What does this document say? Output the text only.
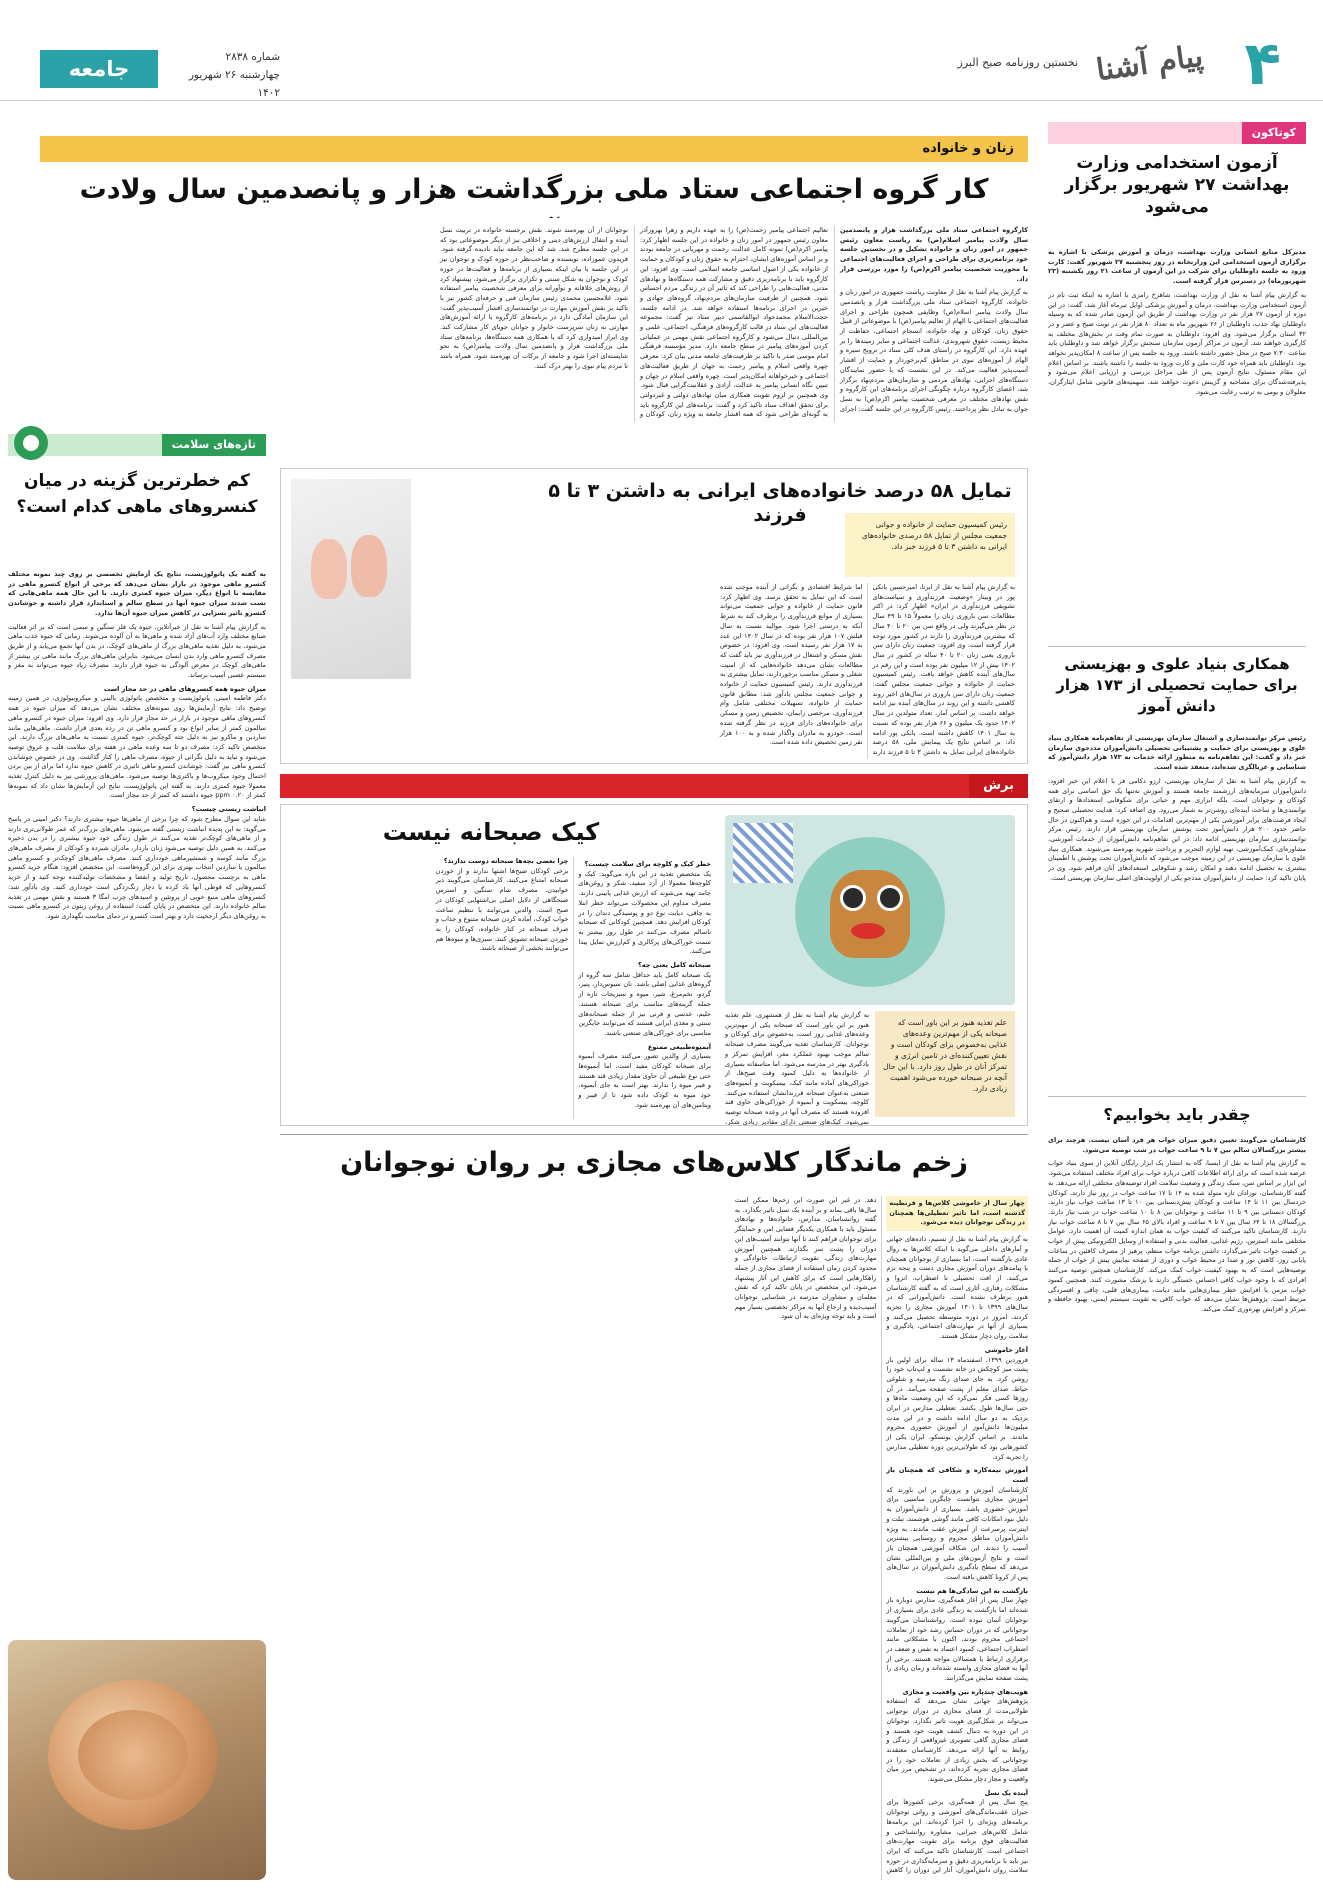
۴
پیام آشنا
نخستین روزنامه صبح البرز
شماره ۲۸۳۸
چهارشنبه ۲۶ شهریور ۱۴۰۲
جامعه
کوتاکون
آزمون استخدامی وزارت بهداشت ۲۷ شهریور برگزار می‌شود

مدیرکل منابع انسانی وزارت بهداشت، درمان و آموزش پزشکی با اشاره به برگزاری آزمون استخدامی این وزارتخانه در روز پنجشنبه ۲۷ شهریور گفت: کارت ورود به جلسه داوطلبان برای شرکت در این آزمون از ساعت ۲۱ روز یکشنبه (۲۳ شهریورماه) در دسترس قرار گرفته است.

به گزارش پیام آشنا به نقل از وزارت بهداشت، شاهرخ رامزی با اشاره به اینکه ثبت نام در آزمون استخدامی وزارت بهداشت، درمان و آموزش پزشکی اوایل تیرماه آغاز شد، گفت: در این دوره از آزمون ۲۷ هزار نفر در وزارت بهداشت از طریق این آزمون صادر شده که به وسیله داوطلبان نهاد جذب، داوطلبان از ۲۶ شهریور ماه به تعداد ۸۰ هزار نفر در نوبت صبح و عصر و در ۳۲ استان برگزار می‌شود. وی افزود: داوطلبان به صورت تمام وقت در بخش‌های مختلف به کارگیری خواهند شد. آزمون در مراکز آزمون سازمان سنجش برگزار خواهد شد و داوطلبان باید ساعت ۷:۳۰ صبح در محل حضور داشته باشند. ورود به جلسه پس از ساعت ۸ امکان‌پذیر نخواهد بود. داوطلبان باید همراه خود کارت ملی و کارت ورود به جلسه را داشته باشند. بر اساس اعلام این مقام مسئول، نتایج آزمون پس از طی مراحل بررسی و ارزیابی اعلام می‌شود و پذیرفته‌شدگان برای مصاحبه و گزینش دعوت خواهند شد. سهمیه‌های قانونی شامل ایثارگران، معلولان و بومی به ترتیب رعایت می‌شود.

همکاری بنیاد علوی و بهزیستی برای حمایت تحصیلی از ۱۷۳ هزار دانش آموز

رئیس مرکز توانمندسازی و اشتغال سازمان بهزیستی از تفاهم‌نامه همکاری بنیاد علوی و بهزیستی برای حمایت و پشتیبانی تحصیلی دانش‌آموزان مددجوی سازمان خبر داد و گفت: این تفاهم‌نامه به منظور ارائه خدمات به ۱۷۳ هزار دانش‌آموز که شناسایی و غربالگری شده‌اند، منعقد شده است.

به گزارش پیام آشنا به نقل از سازمان بهزیستی، ارزو دکامی فر با اعلام این خبر افزود: دانش‌آموزان سرمایه‌های ارزشمند جامعه هستند و آموزش نه‌تنها یک حق اساسی برای همه کودکان و نوجوانان است، بلکه ابزاری مهم و حیاتی برای شکوفایی استعدادها و ارتقای توانمندی‌ها و ساخت آینده‌ای روشن‌تر به شمار می‌رود. وی اضافه کرد: هدایت تحصیلی صحیح و ایجاد فرصت‌های برابر آموزشی یکی از مهم‌ترین اقدامات در این حوزه است و هم‌اکنون در حال حاضر حدود ۲۰۰ هزار دانش‌آموز تحت پوشش سازمان بهزیستی قرار دارند. رئیس مرکز توانمندسازی سازمان بهزیستی ادامه داد: در این تفاهم‌نامه دانش‌آموزان از خدمات آموزشی، مشاوره‌ای، کمک‌آموزشی، تهیه لوازم التحریر و پرداخت شهریه بهره‌مند می‌شوند. همکاری بنیاد علوی با سازمان بهزیستی در این زمینه موجب می‌شود که دانش‌آموزان تحت پوشش با اطمینان بیشتری به تحصیل ادامه دهند و امکان رشد و شکوفایی استعدادهای آنان فراهم شود. وی در پایان تاکید کرد: حمایت از دانش‌آموزان مددجو یکی از اولویت‌های اصلی سازمان بهزیستی است.

چقدر باید بخوابیم؟

کارشناسان می‌گویند تعیین دقیق میزان خواب هر فرد آسان نیست. هرچند برای بیشتر بزرگسالان سالم بین ۷ تا ۹ ساعت خواب در شب توصیه می‌شود.

به گزارش پیام آشنا به نقل از ایسنا، گاه به انتشار یک ابزار رایگان آنلاین از سوی بنیاد خواب عرضه شده است که برای ارائه اطلاعات کافی درباره خواب برای افراد مختلف استفاده می‌شود. این ابزار بر اساس سن، سبک زندگی و وضعیت سلامت افراد توصیه‌های مختلفی ارائه می‌دهد. به گفته کارشناسان، نوزادان تازه متولد شده به ۱۴ تا ۱۷ ساعت خواب در روز نیاز دارند، کودکان خردسال بین ۱۱ تا ۱۴ ساعت و کودکان پیش‌دبستانی بین ۱۰ تا ۱۳ ساعت خواب نیاز دارند. کودکان دبستانی بین ۹ تا ۱۱ ساعت و نوجوانان بین ۸ تا ۱۰ ساعت خواب در شب نیاز دارند. بزرگسالان ۱۸ تا ۶۴ سال بین ۷ تا ۹ ساعت و افراد بالای ۶۵ سال بین ۷ تا ۸ ساعت خواب نیاز دارند. کارشناسان تاکید می‌کنند که کیفیت خواب به همان اندازه کمیت آن اهمیت دارد. عوامل مختلفی مانند استرس، رژیم غذایی، فعالیت بدنی و استفاده از وسایل الکترونیکی پیش از خواب بر کیفیت خواب تاثیر می‌گذارد. داشتن برنامه خواب منظم، پرهیز از مصرف کافئین در ساعات پایانی روز، کاهش نور و صدا در محیط خواب و دوری از صفحه نمایش پیش از خواب از جمله توصیه‌هایی است که به بهبود کیفیت خواب کمک می‌کند. کارشناسان همچنین توصیه می‌کنند افرادی که با وجود خواب کافی احساس خستگی دارند با پزشک مشورت کنند. همچنین کمبود خواب مزمن با افزایش خطر بیماری‌هایی مانند دیابت، بیماری‌های قلبی، چاقی و افسردگی مرتبط است. پژوهش‌ها نشان می‌دهد که خواب کافی به تقویت سیستم ایمنی، بهبود حافظه و تمرکز و افزایش بهره‌وری کمک می‌کند.

زنان و خانواده
کار گروه اجتماعی ستاد ملی بزرگداشت هزار و پانصدمین سال ولادت

کارگروه اجتماعی ستاد ملی بزرگداشت هزار و پانصدمین سال ولادت پیامبر اسلام(ص) به ریاست معاون رئیس جمهور در امور زنان و خانواده تشکیل و در نخستین جلسه خود برنامه‌ریزی برای طراحی و اجرای فعالیت‌های اجتماعی با محوریت شخصیت پیامبر اکرم(ص) را مورد بررسی قرار داد.

به گزارش پیام آشنا به نقل از معاونت ریاست جمهوری در امور زنان و خانواده، کارگروه اجتماعی ستاد ملی بزرگداشت هزار و پانصدمین سال ولادت پیامبر اسلام(ص) وظایفی همچون طراحی و اجرای فعالیت‌های اجتماعی با الهام از تعالیم پیامبر(ص) با موضوعاتی از قبیل حقوق زنان، کودکان و نهاد خانواده، انسجام اجتماعی، حفاظت از محیط زیست، حقوق شهروندی، عدالت اجتماعی و سایر زمینه‌ها را بر عهده دارد. این کارگروه در راستای هدف کلی ستاد در ترویج سیره و الهام از آموزه‌های نبوی در مناطق کم‌برخوردار و حمایت از اقشار آسیب‌پذیر فعالیت می‌کند. در این نشست که با حضور نمایندگان دستگاه‌های اجرایی، نهادهای مردمی و سازمان‌های مردم‌نهاد برگزار شد، اعضای کارگروه درباره چگونگی اجرای برنامه‌های این کارگروه و نقش نهادهای مختلف در معرفی شخصیت پیامبر اکرم(ص) به نسل جوان به تبادل نظر پرداختند. رئیس کارگروه در این جلسه گفت: اجرای تعالیم اجتماعی پیامبر رحمت(ص) را به عهده داریم و زهرا بهروزآذر معاون رئیس جمهور در امور زنان و خانواده در این جلسه اظهار کرد: پیامبر اکرم(ص) نمونه کامل عدالت، رحمت و مهربانی در جامعه بودند و بر اساس آموزه‌های ایشان، احترام به حقوق زنان و کودکان و حمایت از خانواده یکی از اصول اساسی جامعه اسلامی است. وی افزود: این کارگروه باید با برنامه‌ریزی دقیق و مشارکت همه دستگاه‌ها و نهادهای مدنی، فعالیت‌هایی را طراحی کند که تاثیر آن در زندگی مردم احساس شود. همچنین از ظرفیت سازمان‌های مردم‌نهاد، گروه‌های جهادی و خیرین در اجرای برنامه‌ها استفاده خواهد شد. در ادامه جلسه، حجت‌الاسلام محمدجواد ابوالقاسمی دبیر ستاد نیز گفت: مجموعه فعالیت‌های این ستاد در قالب کارگروه‌های فرهنگی، اجتماعی، علمی و بین‌المللی دنبال می‌شود و کارگروه اجتماعی نقش مهمی در عملیاتی کردن آموزه‌های پیامبر در سطح جامعه دارد. مدیر مؤسسه فرهنگی امام موسی صدر با تاکید بر ظرفیت‌های جامعه مدنی بیان کرد: معرفی چهره واقعی اسلام و پیامبر رحمت به جهان از طریق فعالیت‌های اجتماعی و خیرخواهانه امکان‌پذیر است. چهره واقعی اسلام در جهان و تبیین نگاه انسانی پیامبر به عدالت، آزادی و عقلانیت‌گرایی قبال شود. وی همچنین بر لزوم تقویت همکاری میان نهادهای دولتی و غیردولتی برای تحقق اهداف ستاد تاکید کرد و گفت: برنامه‌های این کارگروه باید به گونه‌ای طراحی شود که همه اقشار جامعه به ویژه زنان، کودکان و نوجوانان از آن بهره‌مند شوند. نقش برجسته خانواده در تربیت نسل آینده و انتقال ارزش‌های دینی و اخلاقی نیز از دیگر موضوعاتی بود که در این جلسه مطرح شد. شد که این جامعه نباید نادیده گرفته شود. فریدون عموزاده، نویسنده و صاحب‌نظر در حوزه کودک و نوجوان نیز در این جلسه با بیان اینکه بسیاری از برنامه‌ها و فعالیت‌ها در حوزه کودک و نوجوان به شکل سنتی و تکراری برگزار می‌شود، پیشنهاد کرد از روش‌های خلاقانه و نوآورانه برای معرفی شخصیت پیامبر استفاده شود. غلامحسین محمدی رئیس سازمان فنی و حرفه‌ای کشور نیز با تاکید بر نقش آموزش مهارت در توانمندسازی اقشار آسیب‌پذیر گفت: این سازمان آمادگی دارد در برنامه‌های کارگروه با ارائه آموزش‌های مهارتی به زنان سرپرست خانوار و جوانان جویای کار مشارکت کند. وی ابراز امیدواری کرد که با همکاری همه دستگاه‌ها، برنامه‌های ستاد ملی بزرگداشت هزار و پانصدمین سال ولادت پیامبر(ص) به نحو شایسته‌ای اجرا شود و جامعه از برکات آن بهره‌مند شود. همراه باشد تا مردم پیام نبوی را بهتر درک کنند.

تازه‌های سلامت
کم خطرترین گزینه در میان کنسروهای ماهی کدام است؟

به گفته یک پاتولوژیست، نتایج یک آزمایش تخصصی بر روی چند نمونه مختلف کنسرو ماهی موجود در بازار نشان می‌دهد که برخی از انواع کنسرو ماهی در مقایسه با انواع دیگر، میزان جیوه کمتری دارند. با این حال همه ماهی‌هایی که تست شدند میزان جیوه آنها در سطح سالم و استاندارد قرار داشته و جوشاندن کنسرو تاثیر بسزایی در کاهش میزان جیوه آن‌ها ندارد.

به گزارش پیام آشنا به نقل از خبرآنلاین، جیوه یک فلز سنگین و سمی است که بر اثر فعالیت صنایع مختلف وارد آب‌های آزاد شده و ماهی‌ها به آن آلوده می‌شوند. زمانی که جیوه جذب ماهی می‌شود، به دلیل تغذیه ماهی‌های بزرگ از ماهی‌های کوچک، در بدن آنها تجمع می‌یابد و از طریق مصرف کنسرو ماهی وارد بدن انسان می‌شود. بنابراین ماهی‌های بزرگ مانند ماهی تن بیشتر از ماهی‌های کوچک در معرض آلودگی به جیوه قرار دارند. مصرف زیاد جیوه می‌تواند به مغز و سیستم عصبی آسیب برساند.

میزان جیوه همه کنسروهای ماهی در حد مجاز است

دکتر فاطمه امینی، پاتولوژیست و متخصص پاتولوژی بالینی و میکروبیولوژی، در همین زمینه توضیح داد: نتایج آزمایش‌ها روی نمونه‌های مختلف نشان می‌دهد که میزان جیوه در همه کنسروهای ماهی موجود در بازار در حد مجاز قرار دارد. وی افزود: میزان جیوه در کنسرو ماهی سالمون کمتر از سایر انواع بود و کنسرو ماهی تن در رده بعدی قرار داشت. ماهی‌هایی مانند ساردین و ماکرو نیز به دلیل جثه کوچک‌تر، جیوه کمتری نسبت به ماهی‌های بزرگ دارند. این متخصص تاکید کرد: مصرف دو تا سه وعده ماهی در هفته برای سلامت قلب و عروق توصیه می‌شود و نباید به دلیل نگرانی از جیوه، مصرف ماهی را کنار گذاشت. وی در خصوص جوشاندن کنسرو ماهی نیز گفت: جوشاندن کنسرو ماهی تاثیری در کاهش جیوه ندارد اما برای از بین بردن احتمال وجود میکروب‌ها و باکتری‌ها توصیه می‌شود. ماهی‌های پرورشی نیز به دلیل کنترل تغذیه معمولا جیوه کمتری دارند. به گفته این پاتولوژیست، نتایج این آزمایش‌ها نشان داد که نمونه‌ها کمتر از ۰.۲۰ ppm جیوه داشتند که کمتر از حد مجاز است.

انباشت زیستی چیست؟

شاید این سوال مطرح شود که چرا برخی از ماهی‌ها جیوه بیشتری دارند؟ دکتر امینی در پاسخ می‌گوید: به این پدیده انباشت زیستی گفته می‌شود. ماهی‌های بزرگ‌تر که عمر طولانی‌تری دارند و از ماهی‌های کوچک‌تر تغذیه می‌کنند در طول زندگی خود جیوه بیشتری را در بدن ذخیره می‌کنند. به همین دلیل توصیه می‌شود زنان باردار، مادران شیرده و کودکان از مصرف ماهی‌های بزرگ مانند کوسه و شمشیرماهی خودداری کنند. مصرف ماهی‌های کوچک‌تر و کنسرو ماهی سالمون یا ساردین انتخاب بهتری برای این گروه‌هاست. این متخصص افزود: هنگام خرید کنسرو ماهی به برچسب محصول، تاریخ تولید و انقضا و مشخصات تولیدکننده توجه کنید و از خرید کنسروهایی که قوطی آنها باد کرده یا دچار زنگ‌زدگی است خودداری کنید. وی یادآور شد: کنسروهای ماهی منبع خوبی از پروتئین و اسیدهای چرب امگا ۳ هستند و نقش مهمی در تغذیه سالم خانواده دارند. این متخصص در پایان گفت: استفاده از روغن زیتون در کنسرو ماهی نسبت به روغن‌های دیگر ارجحیت دارد و بهتر است کنسرو در دمای مناسب نگهداری شود.

تمایل ۵۸ درصد خانواده‌های ایرانی به داشتن ۳ تا ۵ فرزند	رئیس کمیسیون حمایت از خانواده و جوانی جمعیت مجلس از تمایل ۵۸ درصدی خانواده‌های ایرانی به داشتن ۳ تا ۵ فرزند خبر داد.
به گزارش پیام آشنا به نقل از ایرنا، امیرحسین بانکی پور در وبینار «وضعیت فرزندآوری و سیاست‌های تشویقی فرزندآوری در ایران» اظهار کرد: در اکثر مطالعات سن باروری زنان را معمولاً ۱۵ تا ۴۹ سال در نظر می‌گیرند ولی در واقع سن بین ۲۰ تا ۴۰ سال که بیشترین فرزندآوری را دارند در کشور مورد توجه قرار گرفته است. وی افزود: جمعیت زنان دارای سن باروری یعنی زنان ۲۰ تا ۴۰ ساله در کشور در سال ۱۴۰۲ بیش از ۱۲ میلیون نفر بوده است و این رقم در سال‌های آینده کاهش خواهد یافت. رئیس کمیسیون حمایت از خانواده و جوانی جمعیت مجلس گفت: جمعیت زنان دارای سن باروری در سال‌های اخیر روند کاهشی داشته و این روند در سال‌های آینده نیز ادامه خواهد داشت. بر اساس آمار، تعداد متولدین در سال ۱۴۰۲ حدود یک میلیون و ۶۶ هزار نفر بوده که نسبت به سال ۱۴۰۱ کاهش داشته است. بانکی پور ادامه داد: بر اساس نتایج یک پیمایش ملی، ۵۸ درصد خانواده‌های ایرانی تمایل به داشتن ۳ تا ۵ فرزند دارند اما شرایط اقتصادی و نگرانی از آینده موجب شده است که این تمایل به تحقق نرسد. وی اظهار کرد: قانون حمایت از خانواده و جوانی جمعیت می‌تواند بسیاری از موانع فرزندآوری را برطرف کند به شرط آنکه به درستی اجرا شود. موالید نسبت به سال قبلش ۱۰۷ هزار نفر بوده که در سال ۱۴۰۲ این عدد به ۱۷ هزار نفر رسیده است. وی افزود: در خصوص نقش مسکن و اشتغال در فرزندآوری نیز باید گفت که مطالعات نشان می‌دهد خانواده‌هایی که از امنیت شغلی و مسکن مناسب برخوردارند، تمایل بیشتری به فرزندآوری دارند. رئیس کمیسیون حمایت از خانواده و جوانی جمعیت مجلس یادآور شد: مطابق قانون حمایت از خانواده، تسهیلات مختلفی شامل وام فرزندآوری، مرخصی زایمان، تخصیص زمین و مسکن برای خانواده‌های دارای فرزند در نظر گرفته شده است. خودرو به مادران واگذار شده و به ۱۰۰ هزار نفر زمین تخصیص داده شده است.
برش
کیک صبحانه نیست
علم تغذیه هنوز بر این باور است که صبحانه یکی از مهم‌ترین وعده‌های غذایی به‌خصوص برای کودکان است و نقش تعیین‌کننده‌ای در تامین انرژی و تمرکز آنان در طول روز دارد. با این حال آنچه در صبحانه خورده می‌شود اهمیت زیادی دارد.
به گزارش پیام آشنا به نقل از همشهری، علم تغذیه هنوز بر این باور است که صبحانه یکی از مهم‌ترین وعده‌های غذایی روز است، به‌خصوص برای کودکان و نوجوانان. کارشناسان تغذیه می‌گویند مصرف صبحانه سالم موجب بهبود عملکرد مغز، افزایش تمرکز و یادگیری بهتر در مدرسه می‌شود. اما متاسفانه بسیاری از خانواده‌ها به دلیل کمبود وقت صبح‌ها، از خوراکی‌های آماده مانند کیک، بیسکویت و آبمیوه‌های صنعتی به‌عنوان صبحانه فرزندانشان استفاده می‌کنند. کلوچه، بیسکویت و آبمیوه از خوراکی‌های حاوی قند افزوده هستند که مصرف آنها در وعده صبحانه توصیه نمی‌شود. کیک‌های صنعتی دارای مقادیر زیادی شکر،
خطر کیک و کلوچه برای سلامت چیست؟

یک متخصص تغذیه در این باره می‌گوید: کیک و کلوچه‌ها معمولا از آرد سفید، شکر و روغن‌های جامد تهیه می‌شوند که ارزش غذایی پایینی دارند. مصرف مداوم این محصولات می‌تواند خطر ابتلا به چاقی، دیابت نوع دو و پوسیدگی دندان را در کودکان افزایش دهد. همچنین کودکانی که صبحانه ناسالم مصرف می‌کنند در طول روز بیشتر به سمت خوراکی‌های پرکالری و کم‌ارزش تمایل پیدا می‌کنند.

صبحانه کامل یعنی چه؟

یک صبحانه کامل باید حداقل شامل سه گروه از گروه‌های غذایی اصلی باشد. نان سبوس‌دار، پنیر، گردو، تخم‌مرغ، شیر، میوه و سبزیجات تازه از جمله گزینه‌های مناسب برای صبحانه هستند. حلیم، عدسی و فرنی نیز از جمله صبحانه‌های سنتی و مغذی ایرانی هستند که می‌توانند جایگزین مناسبی برای خوراکی‌های صنعتی باشند.

آبمیوه‌طبیعی ممنوع

بسیاری از والدین تصور می‌کنند مصرف آبمیوه برای صبحانه کودکان مفید است، اما آبمیوه‌ها حتی نوع طبیعی آن حاوی مقدار زیادی قند هستند و فیبر میوه را ندارند. بهتر است به جای آبمیوه، خود میوه به کودک داده شود تا از فیبر و ویتامین‌های آن بهره‌مند شود.

چرا بعضی بچه‌ها صبحانه دوست ندارند؟

برخی کودکان صبح‌ها اشتها ندارند و از خوردن صبحانه امتناع می‌کنند. کارشناسان می‌گویند دیر خوابیدن، مصرف شام سنگین و استرس صبحگاهی از دلایل اصلی بی‌اشتهایی کودکان در صبح است. والدین می‌توانند با تنظیم ساعت خواب کودک، آماده کردن صبحانه متنوع و جذاب و صرف صبحانه در کنار خانواده، کودکان را به خوردن صبحانه تشویق کنند. سبزی‌ها و میوه‌ها هم می‌توانند بخشی از صبحانه باشند.

زخم ماندگار کلاس‌های مجازی بر روان نوجوانان

چهار سال از خاموشی کلاس‌ها و قرنطینه گذشته است، اما تاثیر تعطیلی‌ها همچنان در زندگی نوجوانان دیده می‌شود.

به گزارش پیام آشنا به نقل از تسنیم، داده‌های جهانی و آمارهای داخلی می‌گوید با اینکه کلاس‌ها به روال عادی بازگشته است، اما بسیاری از نوجوانان همچنان با پیامدهای دوران آموزش مجازی دست و پنجه نرم می‌کنند. از افت تحصیلی تا اضطراب، انزوا و مشکلات رفتاری، آثاری است که به گفته کارشناسان هنوز برطرف نشده است. دانش‌آموزانی که در سال‌های ۱۳۹۹ تا ۱۴۰۱ آموزش مجازی را تجربه کردند، امروز در دوره متوسطه تحصیل می‌کنند و بسیاری از آنها در مهارت‌های اجتماعی، یادگیری و سلامت روان دچار مشکل هستند.

آغاز خاموشی

فروردین ۱۳۹۹، اسفندماه ۱۳ ساله برای اولین بار پشت میز کوچکش در خانه نشست و لپ‌تاپ خود را روشن کرد. به جای صدای زنگ مدرسه و شلوغی حیاط، صدای معلم از پشت صفحه می‌آمد. در آن روزها کسی فکر نمی‌کرد که این وضعیت ماه‌ها و حتی سال‌ها طول بکشد. تعطیلی مدارس در ایران نزدیک به دو سال ادامه داشت و در این مدت میلیون‌ها دانش‌آموز از آموزش حضوری محروم ماندند. بر اساس گزارش یونسکو، ایران یکی از کشورهایی بود که طولانی‌ترین دوره تعطیلی مدارس را تجربه کرد.

آموزش نیمه‌کاره و شکافی که همچنان باز است

کارشناسان آموزش و پرورش بر این باورند که آموزش مجازی نتوانست جایگزین مناسبی برای آموزش حضوری باشد. بسیاری از دانش‌آموزان به دلیل نبود امکانات کافی مانند گوشی هوشمند، تبلت و اینترنت پرسرعت از آموزش عقب ماندند. به ویژه دانش‌آموزان مناطق محروم و روستایی بیشترین آسیب را دیدند. این شکاف آموزشی همچنان باز است و نتایج آزمون‌های ملی و بین‌المللی نشان می‌دهد که سطح یادگیری دانش‌آموزان در سال‌های پس از کرونا کاهش یافته است.

بازگشت به این سادگی‌ها هم نیست

چهار سال پس از آغاز همه‌گیری، مدارس دوباره باز شده‌اند اما بازگشت به زندگی عادی برای بسیاری از نوجوانان آسان نبوده است. روانشناسان می‌گویند نوجوانانی که در دوران حساس رشد خود از تعاملات اجتماعی محروم بودند، اکنون با مشکلاتی مانند اضطراب اجتماعی، کمبود اعتماد به نفس و ضعف در برقراری ارتباط با همسالان مواجه هستند. برخی از آنها به فضای مجازی وابسته شده‌اند و زمان زیادی را پشت صفحه نمایش می‌گذرانند.

هویت‌های چندپاره بین واقعیت و مجازی

پژوهش‌های جهانی نشان می‌دهد که استفاده طولانی‌مدت از فضای مجازی در دوران نوجوانی می‌تواند بر شکل‌گیری هویت تاثیر بگذارد. نوجوانان در این دوره به دنبال کشف هویت خود هستند و فضای مجازی گاهی تصویری غیرواقعی از زندگی و روابط به آنها ارائه می‌دهد. کارشناسان معتقدند نوجوانانی که بخش زیادی از تعاملات خود را در فضای مجازی تجربه کرده‌اند، در تشخیص مرز میان واقعیت و مجاز دچار مشکل می‌شوند.

آینده یک نسل

پنج سال پس از همه‌گیری، برخی کشورها برای جبران عقب‌ماندگی‌های آموزشی و روانی نوجوانان برنامه‌های ویژه‌ای را اجرا کرده‌اند. این برنامه‌ها شامل کلاس‌های جبرانی، مشاوره روانشناختی و فعالیت‌های فوق برنامه برای تقویت مهارت‌های اجتماعی است. کارشناسان تاکید می‌کنند که ایران نیز باید با برنامه‌ریزی دقیق و سرمایه‌گذاری در حوزه سلامت روان دانش‌آموزان، آثار این دوران را کاهش دهد. در غیر این صورت این زخم‌ها ممکن است سال‌ها باقی بماند و بر آینده یک نسل تاثیر بگذارد. به گفته روانشناسان، مدارس، خانواده‌ها و نهادهای مسئول باید با همکاری یکدیگر فضایی امن و حمایتگر برای نوجوانان فراهم کنند تا آنها بتوانند آسیب‌های این دوران را پشت سر بگذارند. همچنین آموزش مهارت‌های زندگی، تقویت ارتباطات خانوادگی و محدود کردن زمان استفاده از فضای مجازی از جمله راهکارهایی است که برای کاهش این آثار پیشنهاد می‌شود. این متخصص در پایان تاکید کرد که نقش معلمان و مشاوران مدرسه در شناسایی نوجوانان آسیب‌دیده و ارجاع آنها به مراکز تخصصی بسیار مهم است و باید توجه ویژه‌ای به آن شود.
